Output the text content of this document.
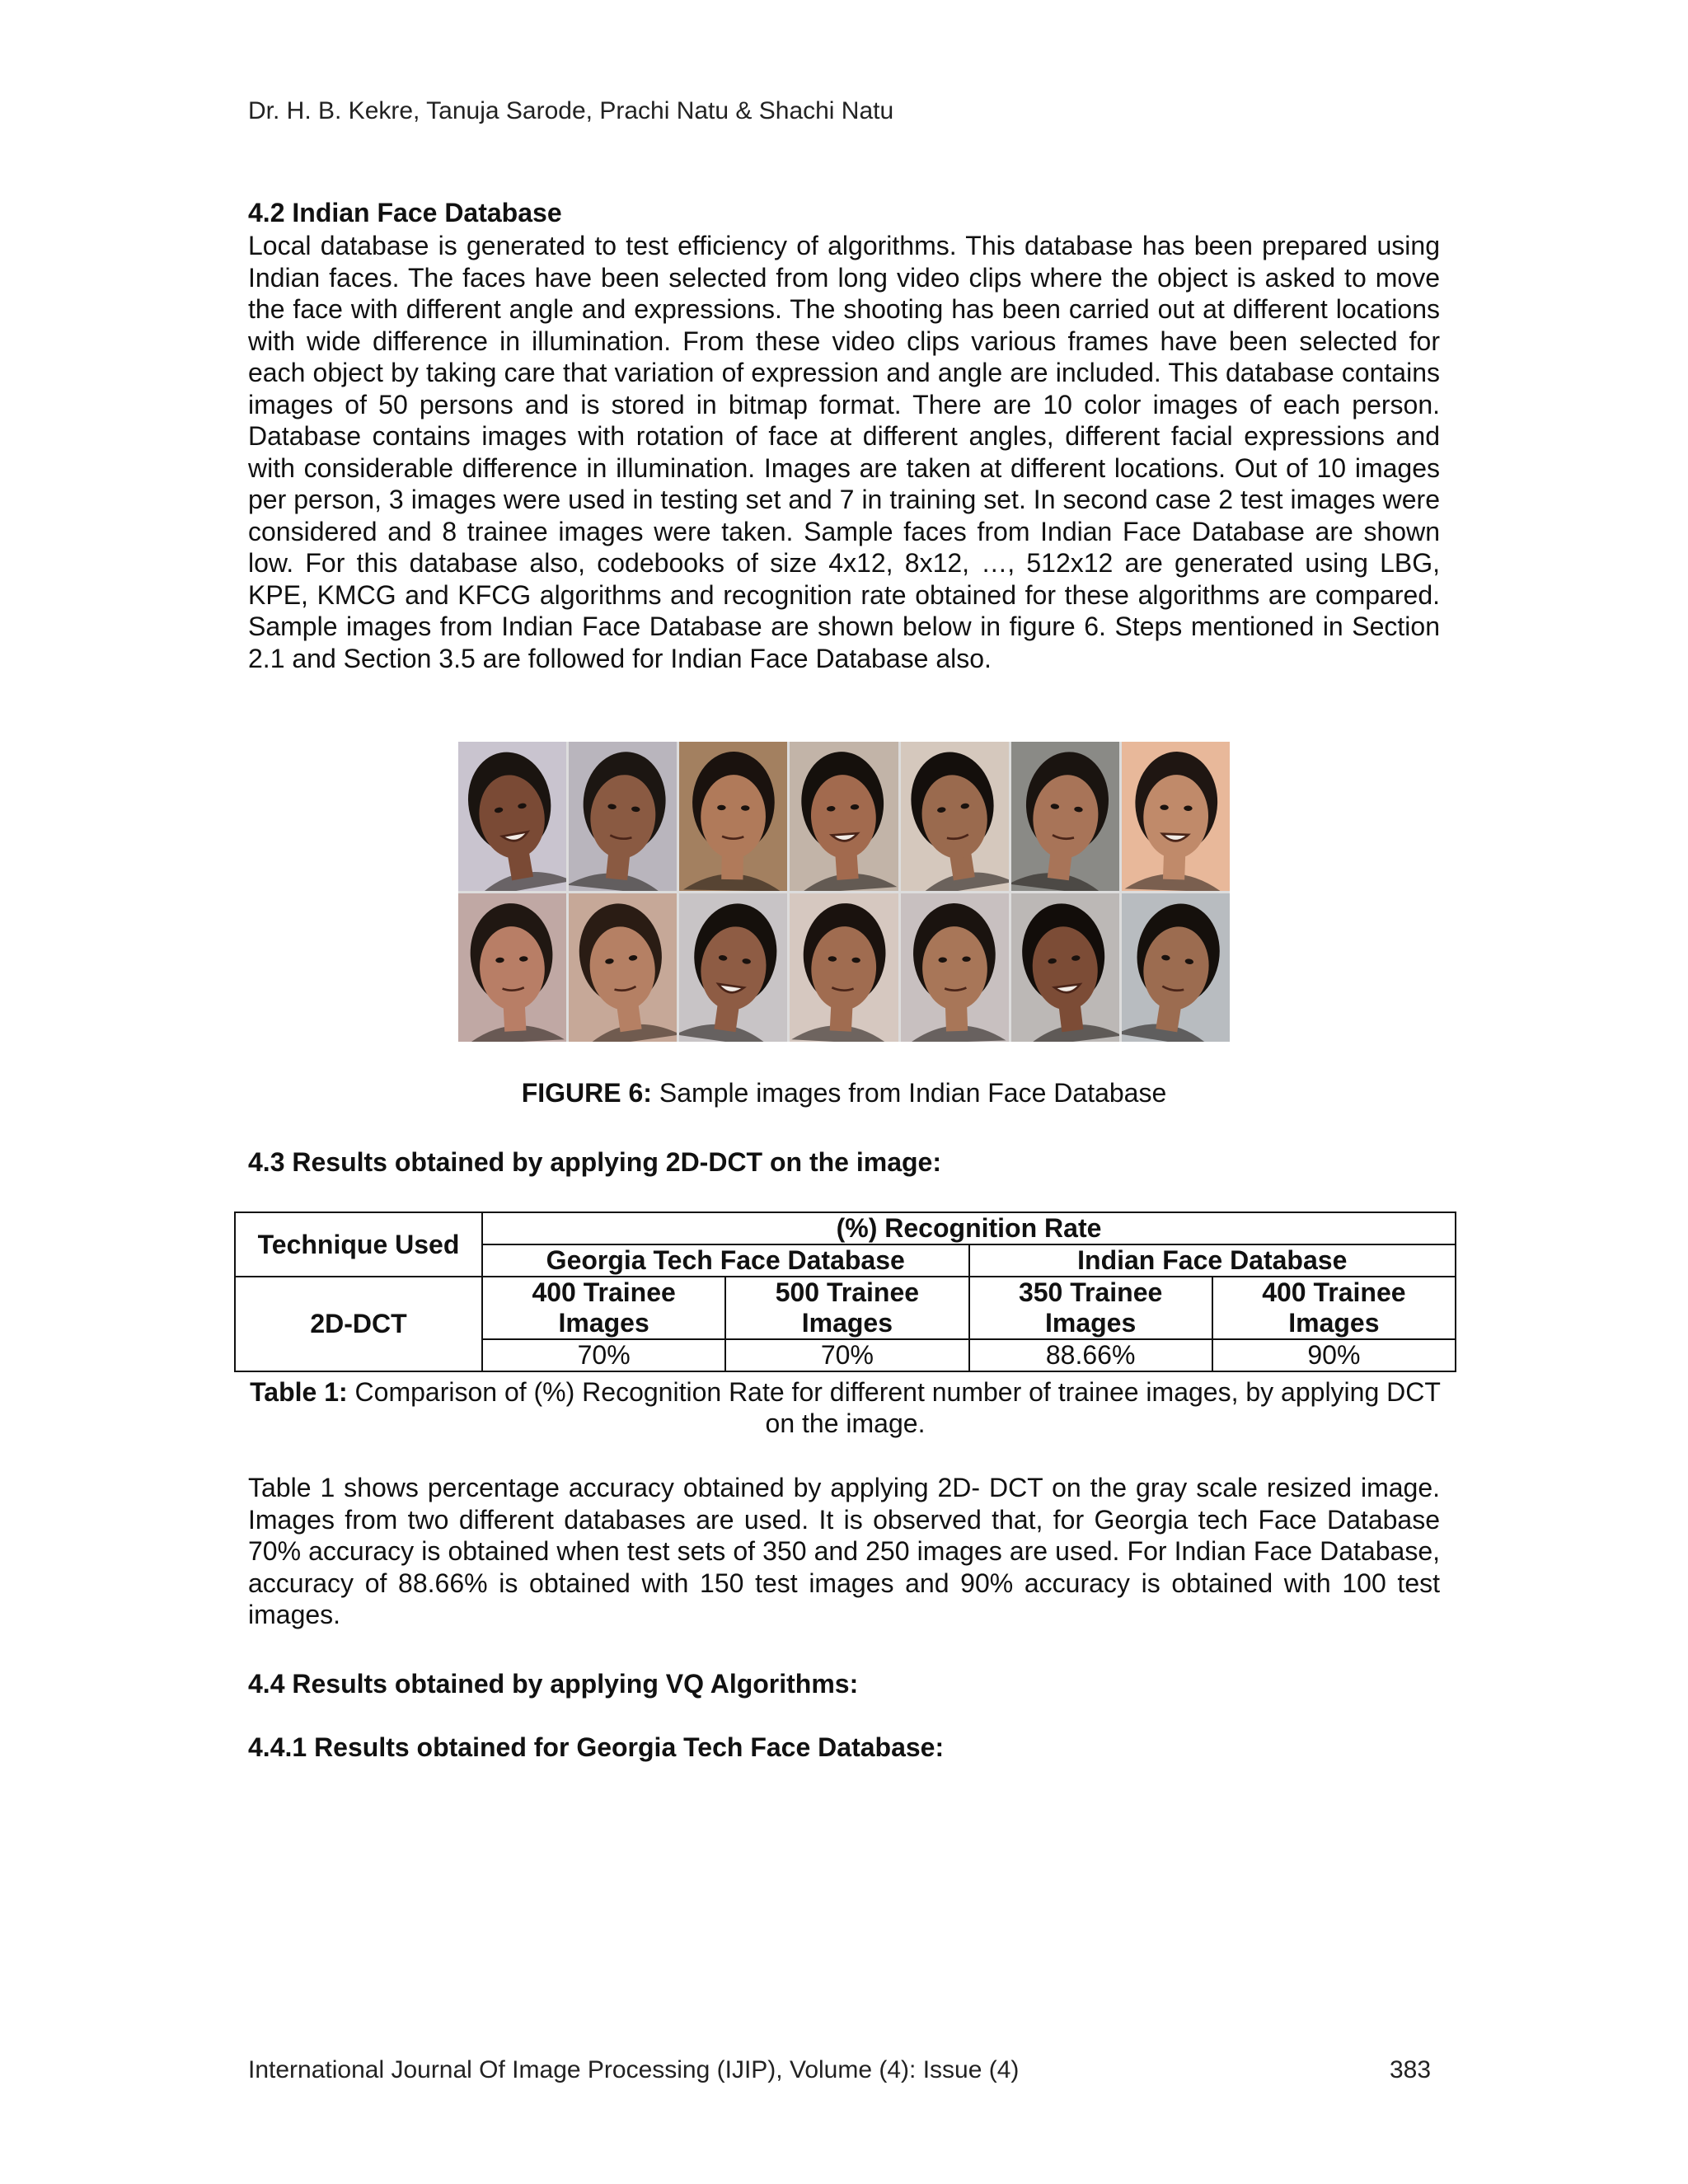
Dr. H. B. Kekre, Tanuja Sarode, Prachi Natu & Shachi Natu
4.2 Indian Face Database
Local database is generated to test efficiency of algorithms. This database has been prepared using Indian faces. The faces have been selected from long video clips where the object is asked to move the face with different angle and expressions. The shooting has been carried out at different locations with wide difference in illumination. From these video clips various frames have been selected for each object by taking care that variation of expression and angle are included. This database contains images of 50 persons and is stored in bitmap format. There are 10 color images of each person. Database contains images with rotation of face at different angles, different facial expressions and with considerable difference in illumination. Images are taken at different locations. Out of 10 images per person, 3 images were used in testing set and 7 in training set. In second case 2 test images were considered and 8 trainee images were taken. Sample faces from Indian Face Database are shown low. For this database also, codebooks of size 4x12, 8x12, …, 512x12 are generated using LBG, KPE, KMCG and KFCG algorithms and recognition rate obtained for these algorithms are compared. Sample images from Indian Face Database are shown below in figure 6. Steps mentioned in Section 2.1 and Section 3.5 are followed for Indian Face Database also.
FIGURE 6: Sample images from Indian Face Database
4.3 Results obtained by applying 2D-DCT on the image:
Technique Used	(%) Recognition Rate			
	Georgia Tech Face Database		Indian Face Database	
2D-DCT	400 Trainee Images	500 Trainee Images	350 Trainee Images	400 Trainee Images
	70%	70%	88.66%	90%
Table 1: Comparison of (%) Recognition Rate for different number of trainee images, by applying DCT on the image.
Table 1 shows percentage accuracy obtained by applying 2D- DCT on the gray scale resized image. Images from two different databases are used. It is observed that, for Georgia tech Face Database 70% accuracy is obtained when test sets of 350 and 250 images are used. For Indian Face Database, accuracy of 88.66% is obtained with 150 test images and 90% accuracy is obtained with 100 test images.
4.4 Results obtained by applying VQ Algorithms:
4.4.1 Results obtained for Georgia Tech Face Database:
International Journal Of Image Processing (IJIP), Volume (4): Issue (4)	383
